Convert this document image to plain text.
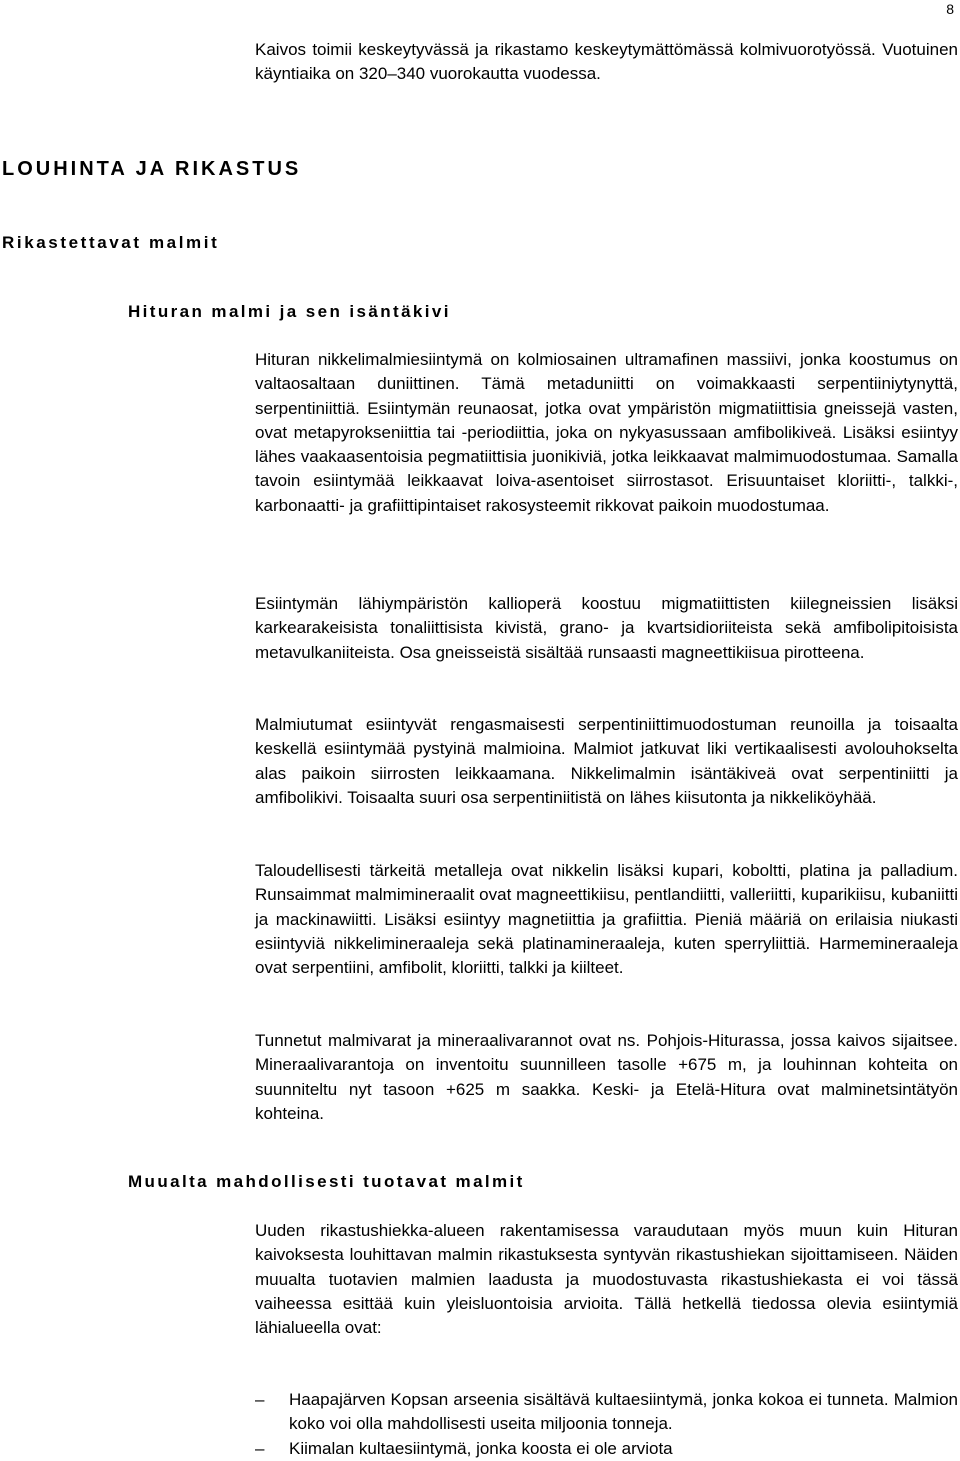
8

Kaivos toimii keskeytyvässä ja rikastamo keskeytymättömässä kolmivuorotyössä. Vuotuinen käyntiaika on 320–340 vuorokautta vuodessa.

LOUHINTA JA RIKASTUS
Rikastettavat malmit
Hituran malmi ja sen isäntäkivi

Hituran nikkelimalmiesiintymä on kolmiosainen ultramafinen massiivi, jonka koostumus on valtaosaltaan duniittinen. Tämä metaduniitti on voimakkaasti serpentiiniytynyttä, serpentiniittiä. Esiintymän reunaosat, jotka ovat ympäristön migmatiittisia gneissejä vasten, ovat metapyrokseniittia tai -periodiittia, joka on nykyasussaan amfibolikiveä. Lisäksi esiintyy lähes vaakaasentoisia pegmatiittisia juonikiviä, jotka leikkaavat malmimuodostumaa. Samalla tavoin esiintymää leikkaavat loiva-asentoiset siirrostasot. Erisuuntaiset kloriitti-, talkki-, karbonaatti- ja grafiittipintaiset rakosysteemit rikkovat paikoin muodostumaa.

Esiintymän lähiympäristön kallioperä koostuu migmatiittisten kiilegneissien lisäksi karkearakeisista tonaliittisista kivistä, grano- ja kvartsidioriiteista sekä amfibolipitoisista metavulkaniiteista. Osa gneisseistä sisältää runsaasti magneettikiisua pirotteena.

Malmiutumat esiintyvät rengasmaisesti serpentiniittimuodostuman reunoilla ja toisaalta keskellä esiintymää pystyinä malmioina. Malmiot jatkuvat liki vertikaalisesti avolouhokselta alas paikoin siirrosten leikkaamana. Nikkelimalmin isäntäkiveä ovat serpentiniitti ja amfibolikivi. Toisaalta suuri osa serpentiniitistä on lähes kiisutonta ja nikkeliköyhää.

Taloudellisesti tärkeitä metalleja ovat nikkelin lisäksi kupari, koboltti, platina ja palladium. Runsaimmat malmimineraalit ovat magneettikiisu, pentlandiitti, valleriitti, kuparikiisu, kubaniitti ja mackinawiitti. Lisäksi esiintyy magnetiittia ja grafiittia. Pieniä määriä on erilaisia niukasti esiintyviä nikkelimineraaleja sekä platinamineraaleja, kuten sperryliittiä. Harmemineraaleja ovat serpentiini, amfibolit, kloriitti, talkki ja kiilteet.

Tunnetut malmivarat ja mineraalivarannot ovat ns. Pohjois-Hiturassa, jossa kaivos sijaitsee. Mineraalivarantoja on inventoitu suunnilleen tasolle +675 m, ja louhinnan kohteita on suunniteltu nyt tasoon +625 m saakka. Keski- ja Etelä-Hitura ovat malminetsintätyön kohteina.

Muualta mahdollisesti tuotavat malmit

Uuden rikastushiekka-alueen rakentamisessa varaudutaan myös muun kuin Hituran kaivoksesta louhittavan malmin rikastuksesta syntyvän rikastushiekan sijoittamiseen. Näiden muualta tuotavien malmien laadusta ja muodostuvasta rikastushiekasta ei voi tässä vaiheessa esittää kuin yleisluontoisia arvioita. Tällä hetkellä tiedossa olevia esiintymiä lähialueella ovat:

– Haapajärven Kopsan arseenia sisältävä kultaesiintymä, jonka kokoa ei tunneta. Malmion koko voi olla mahdollisesti useita miljoonia tonneja.
– Kiimalan kultaesiintymä, jonka koosta ei ole arviota
